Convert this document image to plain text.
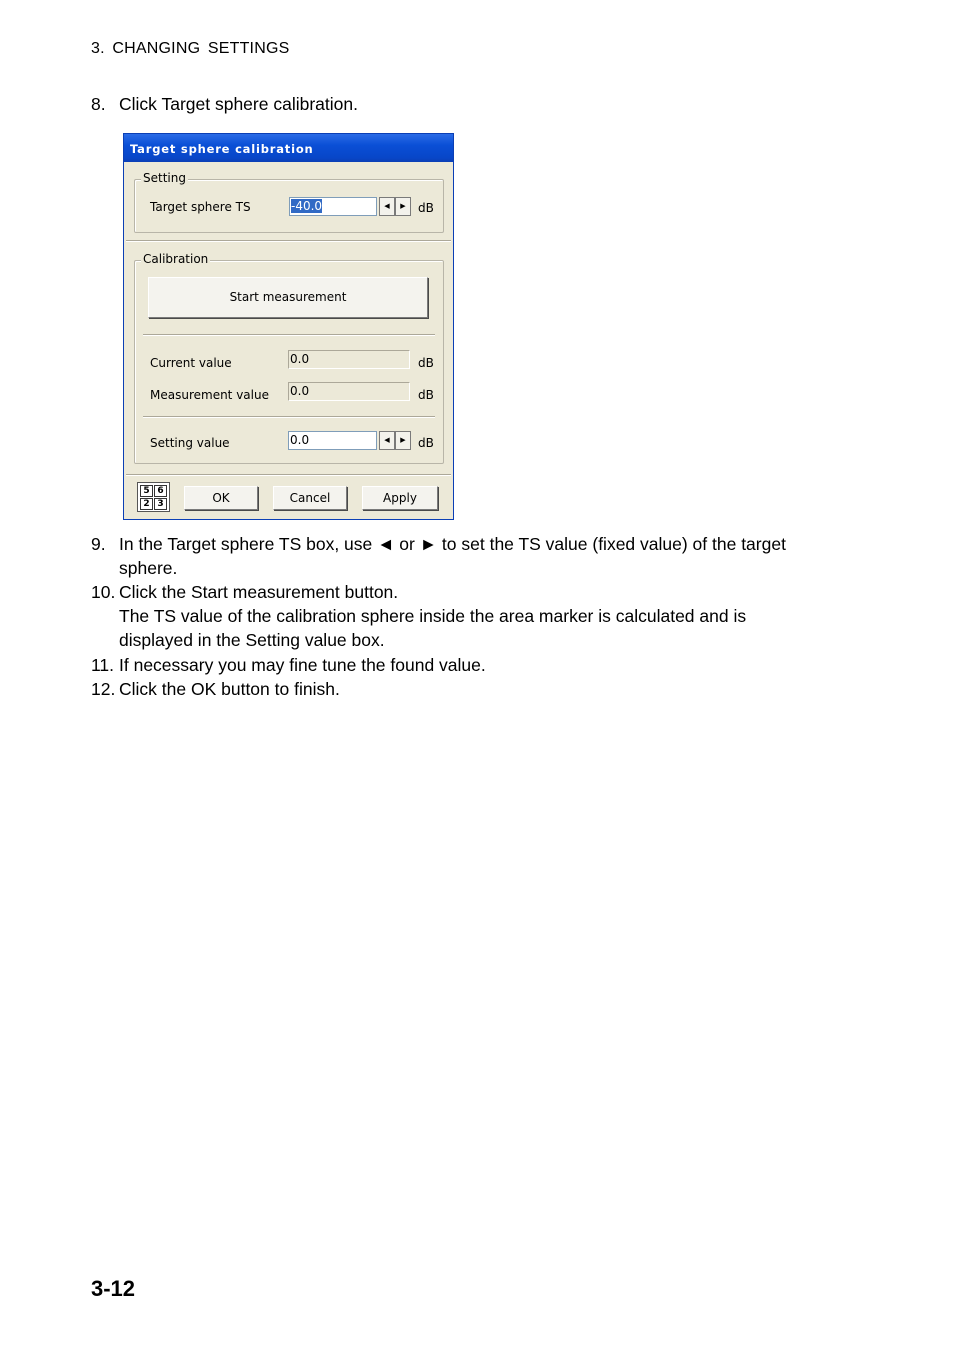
3. CHANGING SETTINGS
8. Click Target sphere calibration.
Target sphere calibration
Setting
Target sphere TS	-40.0	◀	▶	dB
Calibration
Start measurement
Current value	0.0	dB
Measurement value 0.0	dB
Setting value	0.0	◀	▶	dB
5 6
2 3	OK	Cancel	Apply
9. In the Target sphere TS box, use ◄ or ► to set the TS value (fixed value) of the target
sphere.
10. Click the Start measurement button.
The TS value of the calibration sphere inside the area marker is calculated and is
displayed in the Setting value box.
11. If necessary you may fine tune the found value.
12. Click the OK button to finish.
3-12
